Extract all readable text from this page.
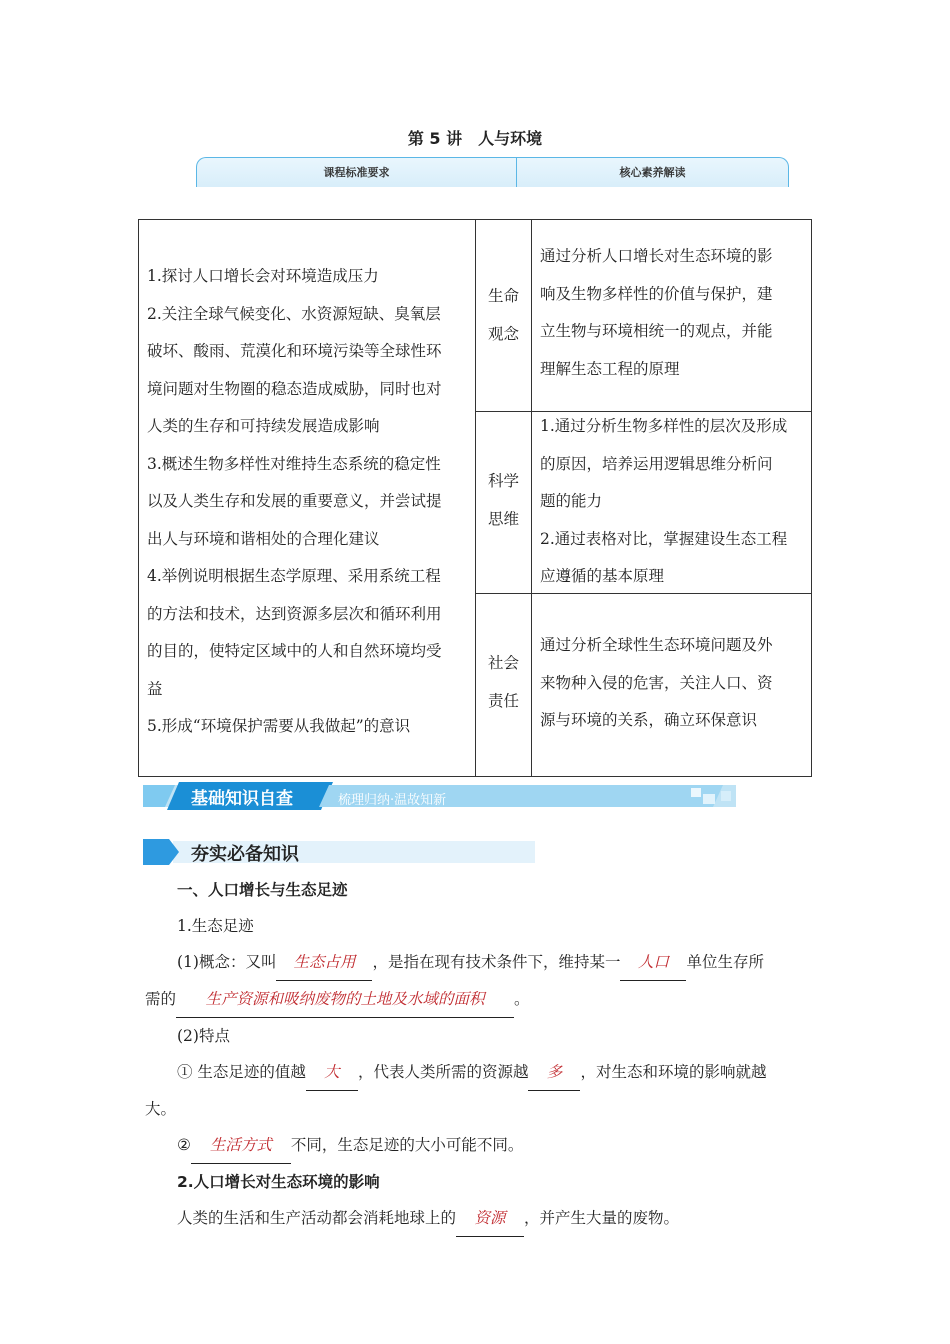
第 5 讲　人与环境
课程标准要求	核心素养解读
1.探讨人口增长会对环境造成压力
2.关注全球气候变化、水资源短缺、臭氧层
破坏、酸雨、荒漠化和环境污染等全球性环
境问题对生物圈的稳态造成威胁，同时也对
人类的生存和可持续发展造成影响
3.概述生物多样性对维持生态系统的稳定性
以及人类生存和发展的重要意义，并尝试提
出人与环境和谐相处的合理化建议
4.举例说明根据生态学原理、采用系统工程
的方法和技术，达到资源多层次和循环利用
的目的，使特定区域中的人和自然环境均受
益
5.形成“环境保护需要从我做起”的意识
生命
观念
通过分析人口增长对生态环境的影
响及生物多样性的价值与保护，建
立生物与环境相统一的观点，并能
理解生态工程的原理
科学
思维
1.通过分析生物多样性的层次及形成
的原因，培养运用逻辑思维分析问
题的能力
2.通过表格对比，掌握建设生态工程
应遵循的基本原理
社会
责任
通过分析全球性生态环境问题及外
来物种入侵的危害，关注人口、资
源与环境的关系，确立环保意识
基础知识自查	梳理归纳·温故知新
夯实必备知识
一、人口增长与生态足迹
1.生态足迹
(1)概念：又叫 生态占用 ，是指在现有技术条件下，维持某一 人口 单位生存所
需的 生产资源和吸纳废物的土地及水域的面积 。
(2)特点
① 生态足迹的值越 大 ，代表人类所需的资源越 多 ，对生态和环境的影响就越
大。
② 生活方式 不同，生态足迹的大小可能不同。
2.人口增长对生态环境的影响
人类的生活和生产活动都会消耗地球上的 资源 ，并产生大量的废物。
